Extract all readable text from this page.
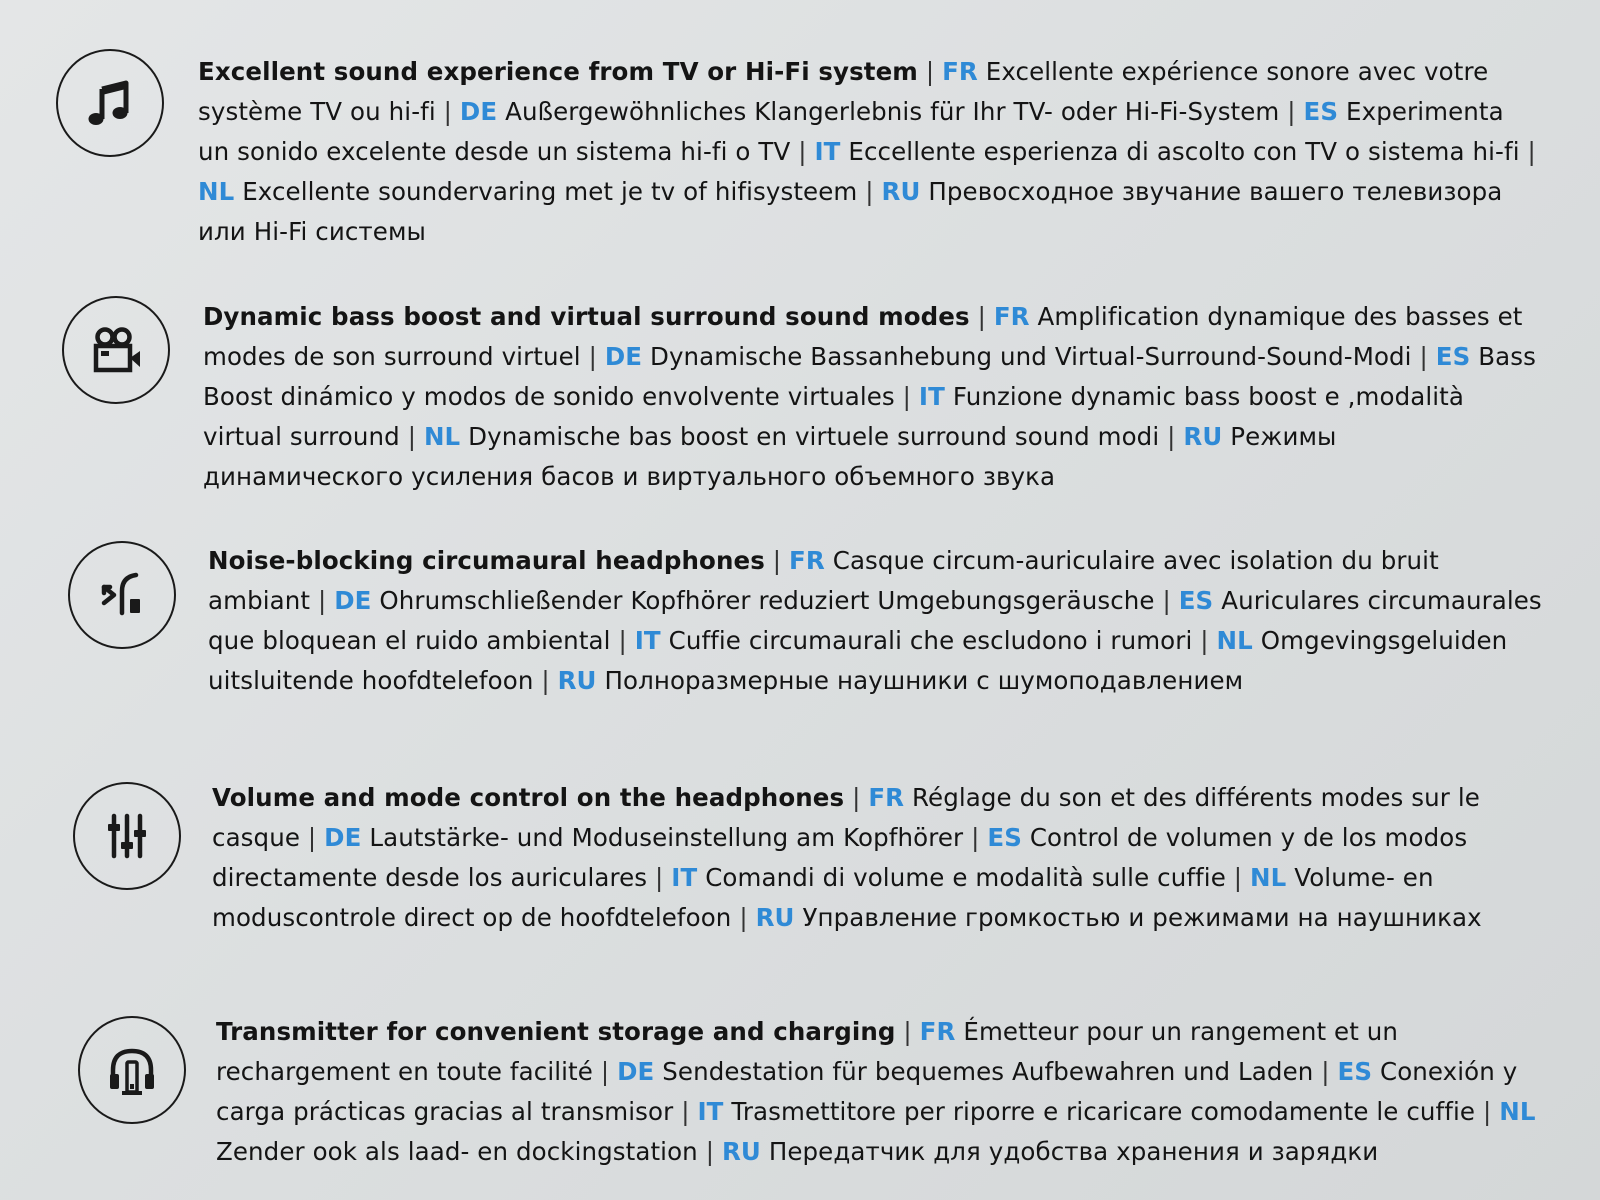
Excellent sound experience from TV or Hi-Fi system | FR Excellente expérience sonore avec votre système TV ou hi-fi | DE Außergewöhnliches Klangerlebnis für Ihr TV- oder Hi-Fi-System | ES Experimenta un sonido excelente desde un sistema hi-fi o TV | IT Eccellente esperienza di ascolto con TV o sistema hi-fi | NL Excellente soundervaring met je tv of hifisysteem | RU Превосходное звучание вашего телевизора или Hi-Fi системы
Dynamic bass boost and virtual surround sound modes | FR Amplification dynamique des basses et modes de son surround virtuel | DE Dynamische Bassanhebung und Virtual-Surround-Sound-Modi | ES Bass Boost dinámico y modos de sonido envolvente virtuales | IT Funzione dynamic bass boost e ,modalità virtual surround | NL Dynamische bas boost en virtuele surround sound modi | RU Режимы динамического усиления басов и виртуального объемного звука
Noise-blocking circumaural headphones | FR Casque circum-auriculaire avec isolation du bruit ambiant | DE Ohrumschließender Kopfhörer reduziert Umgebungsgeräusche | ES Auriculares circumaurales que bloquean el ruido ambiental | IT Cuffie circumaurali che escludono i rumori | NL Omgevingsgeluiden uitsluitende hoofdtelefoon | RU Полноразмерные наушники с шумоподавлением
Volume and mode control on the headphones | FR Réglage du son et des différents modes sur le casque | DE Lautstärke- und Moduseinstellung am Kopfhörer | ES Control de volumen y de los modos directamente desde los auriculares | IT Comandi di volume e modalità sulle cuffie | NL Volume- en moduscontrole direct op de hoofdtelefoon | RU Управление громкостью и режимами на наушниках
Transmitter for convenient storage and charging | FR Émetteur pour un rangement et un rechargement en toute facilité | DE Sendestation für bequemes Aufbewahren und Laden | ES Conexión y carga prácticas gracias al transmisor | IT Trasmettitore per riporre e ricaricare comodamente le cuffie | NL Zender ook als laad- en dockingstation | RU Передатчик для удобства хранения и зарядки
